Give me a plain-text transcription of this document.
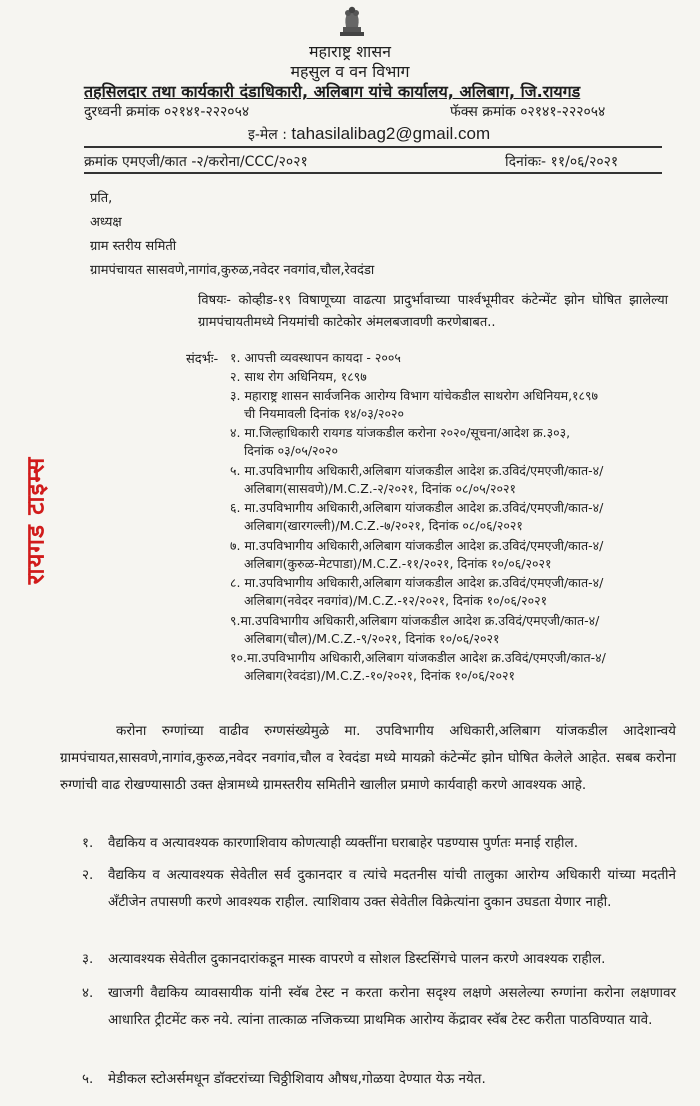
महाराष्ट्र शासन
महसुल व वन विभाग
तहसिलदार तथा कार्यकारी दंडाधिकारी, अलिबाग यांचे कार्यालय, अलिबाग, जि.रायगड
दुरध्वनी क्रमांक ०२१४१-२२२०५४	फॅक्स क्रमांक ०२१४१-२२२०५४
इ-मेल : tahasilalibag2@gmail.com
क्रमांक एमएजी/कात -२/करोना/CCC/२०२१	दिनांकः- ११/०६/२०२१
प्रति,
अध्यक्ष
ग्राम स्तरीय समिती
ग्रामपंचायत सासवणे,नागांव,कुरुळ,नवेदर नवगांव,चौल,रेवदंडा
विषयः- कोव्हीड-१९ विषाणूच्या वाढत्या प्रादुर्भावाच्या पार्श्वभूमीवर कंटेन्मेंट झोन घोषित झालेल्या ग्रामपंचायतीमध्ये नियमांची काटेकोर अंमलबजावणी करणेबाबत..
संदर्भः- १. आपत्ती व्यवस्थापन कायदा - २००५
२. साथ रोग अधिनियम, १८९७
३. महाराष्ट्र शासन सार्वजनिक आरोग्य विभाग यांचेकडील साथरोग अधिनियम,१८९७
ची नियमावली दिनांक १४/०३/२०२०
४. मा.जिल्हाधिकारी रायगड यांजकडील करोना २०२०/सूचना/आदेश क्र.३०३,
दिनांक ०३/०५/२०२०
५. मा.उपविभागीय अधिकारी,अलिबाग यांजकडील आदेश क्र.उविदं/एमएजी/कात-४/
अलिबाग(सासवणे)/M.C.Z.-२/२०२१, दिनांक ०८/०५/२०२१
६. मा.उपविभागीय अधिकारी,अलिबाग यांजकडील आदेश क्र.उविदं/एमएजी/कात-४/
अलिबाग(खारगल्ली)/M.C.Z.-७/२०२१, दिनांक ०८/०६/२०२१
७. मा.उपविभागीय अधिकारी,अलिबाग यांजकडील आदेश क्र.उविदं/एमएजी/कात-४/
अलिबाग(कुरुळ-मेटपाडा)/M.C.Z.-११/२०२१, दिनांक १०/०६/२०२१
८. मा.उपविभागीय अधिकारी,अलिबाग यांजकडील आदेश क्र.उविदं/एमएजी/कात-४/
अलिबाग(नवेदर नवगांव)/M.C.Z.-१२/२०२१, दिनांक १०/०६/२०२१
९.मा.उपविभागीय अधिकारी,अलिबाग यांजकडील आदेश क्र.उविदं/एमएजी/कात-४/
अलिबाग(चौल)/M.C.Z.-९/२०२१, दिनांक १०/०६/२०२१
१०.मा.उपविभागीय अधिकारी,अलिबाग यांजकडील आदेश क्र.उविदं/एमएजी/कात-४/
अलिबाग(रेवदंडा)/M.C.Z.-१०/२०२१, दिनांक १०/०६/२०२१
रायगड टाइम्स
करोना रुग्णांच्या वाढीव रुग्णसंख्येमुळे मा. उपविभागीय अधिकारी,अलिबाग यांजकडील आदेशान्वये ग्रामपंचायत,सासवणे,नागांव,कुरुळ,नवेदर नवगांव,चौल व रेवदंडा मध्ये मायक्रो कंटेन्मेंट झोन घोषित केलेले आहेत. सबब करोना रुग्णांची वाढ रोखण्यासाठी उक्त क्षेत्रामध्ये ग्रामस्तरीय समितीने खालील प्रमाणे कार्यवाही करणे आवश्यक आहे.
१. वैद्यकिय व अत्यावश्यक कारणाशिवाय कोणत्याही व्यक्तींना घराबाहेर पडण्यास पुर्णतः मनाई राहील.
२. वैद्यकिय व अत्यावश्यक सेवेतील सर्व दुकानदार व त्यांचे मदतनीस यांची तालुका आरोग्य अधिकारी यांच्या मदतीने अँटीजेन तपासणी करणे आवश्यक राहील. त्याशिवाय उक्त सेवेतील विक्रेत्यांना दुकान उघडता येणार नाही.
३. अत्यावश्यक सेवेतील दुकानदारांकडून मास्क वापरणे व सोशल डिस्टसिंगचे पालन करणे आवश्यक राहील.
४. खाजगी वैद्यकिय व्यावसायीक यांनी स्वॅब टेस्ट न करता करोना सदृश्य लक्षणे असलेल्या रुग्णांना करोना लक्षणावर आधारित ट्रीटमेंट करु नये. त्यांना तात्काळ नजिकच्या प्राथमिक आरोग्य केंद्रावर स्वॅब टेस्ट करीता पाठविण्यात यावे.
५. मेडीकल स्टोअर्समधून डॉक्टरांच्या चिठ्ठीशिवाय औषध,गोळया देण्यात येऊ नयेत.
